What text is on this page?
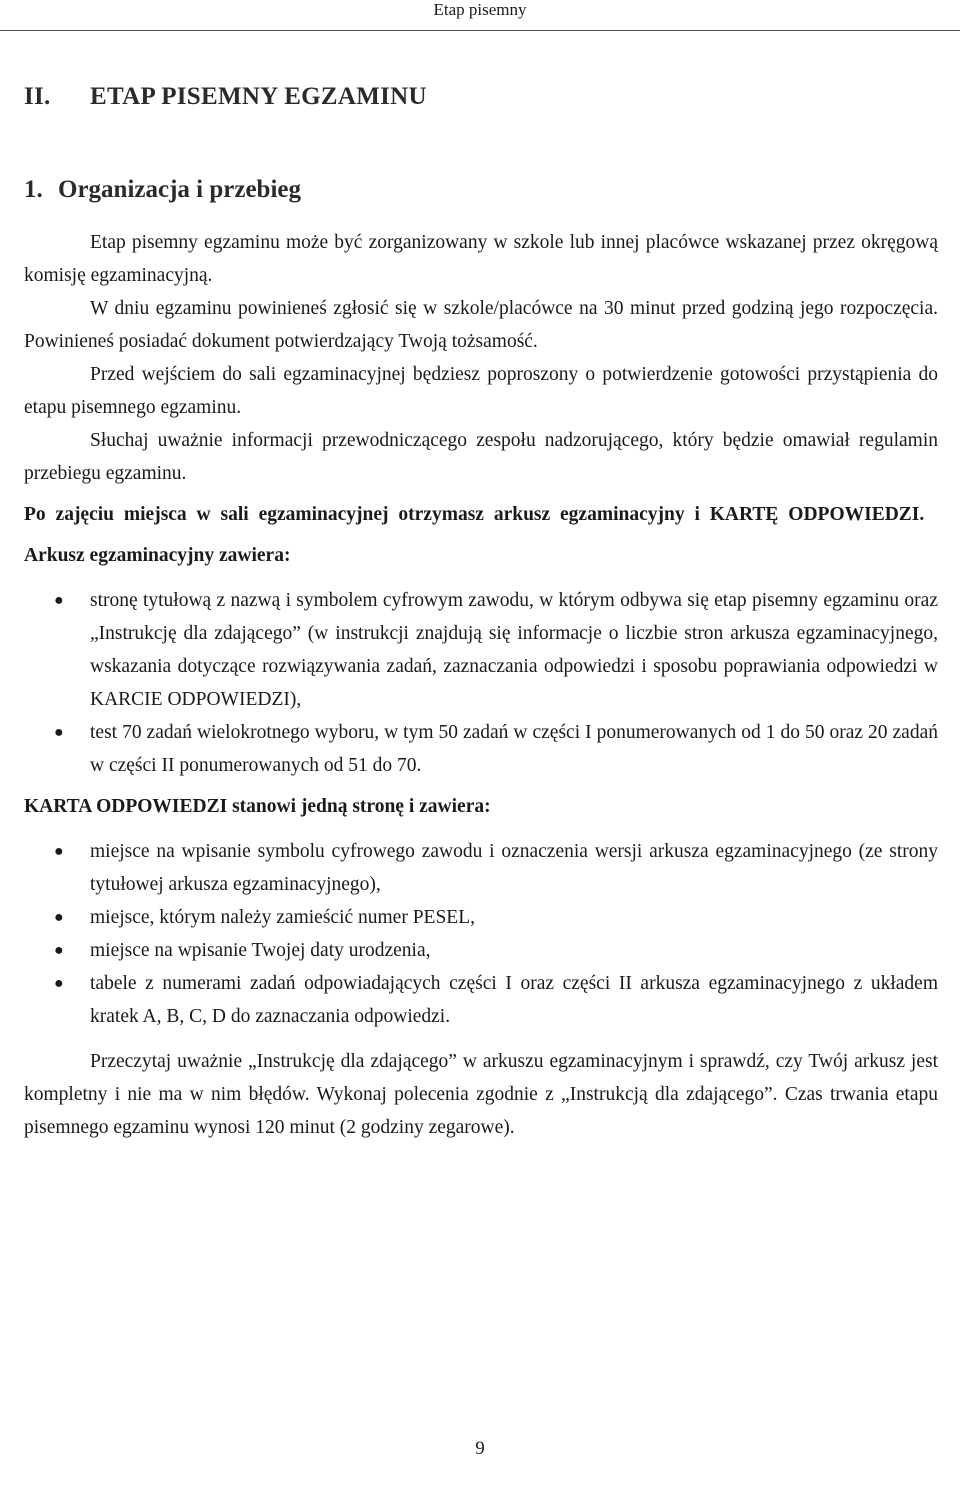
Etap pisemny
II. ETAP PISEMNY EGZAMINU
1. Organizacja i przebieg

Etap pisemny egzaminu może być zorganizowany w szkole lub innej placówce wskazanej przez okręgową komisję egzaminacyjną.

W dniu egzaminu powinieneś zgłosić się w szkole/placówce na 30 minut przed godziną jego rozpoczęcia. Powinieneś posiadać dokument potwierdzający Twoją tożsamość.

Przed wejściem do sali egzaminacyjnej będziesz poproszony o potwierdzenie gotowości przystąpienia do etapu pisemnego egzaminu.

Słuchaj uważnie informacji przewodniczącego zespołu nadzorującego, który będzie omawiał regulamin przebiegu egzaminu.

Po zajęciu miejsca w sali egzaminacyjnej otrzymasz arkusz egzaminacyjny i KARTĘ ODPOWIEDZI.

Arkusz egzaminacyjny zawiera:

● stronę tytułową z nazwą i symbolem cyfrowym zawodu, w którym odbywa się etap pisemny egzaminu oraz „Instrukcję dla zdającego” (w instrukcji znajdują się informacje o liczbie stron arkusza egzaminacyjnego, wskazania dotyczące rozwiązywania zadań, zaznaczania odpowiedzi i sposobu poprawiania odpowiedzi w KARCIE ODPOWIEDZI),
● test 70 zadań wielokrotnego wyboru, w tym 50 zadań w części I ponumerowanych od 1 do 50 oraz 20 zadań w części II ponumerowanych od 51 do 70.

KARTA ODPOWIEDZI stanowi jedną stronę i zawiera:

● miejsce na wpisanie symbolu cyfrowego zawodu i oznaczenia wersji arkusza egzaminacyjnego (ze strony tytułowej arkusza egzaminacyjnego),
● miejsce, którym należy zamieścić numer PESEL,
● miejsce na wpisanie Twojej daty urodzenia,
● tabele z numerami zadań odpowiadających części I oraz części II arkusza egzaminacyjnego z układem kratek A, B, C, D do zaznaczania odpowiedzi.

Przeczytaj uważnie „Instrukcję dla zdającego” w arkuszu egzaminacyjnym i sprawdź, czy Twój arkusz jest kompletny i nie ma w nim błędów. Wykonaj polecenia zgodnie z „Instrukcją dla zdającego”. Czas trwania etapu pisemnego egzaminu wynosi 120 minut (2 godziny zegarowe).

9
